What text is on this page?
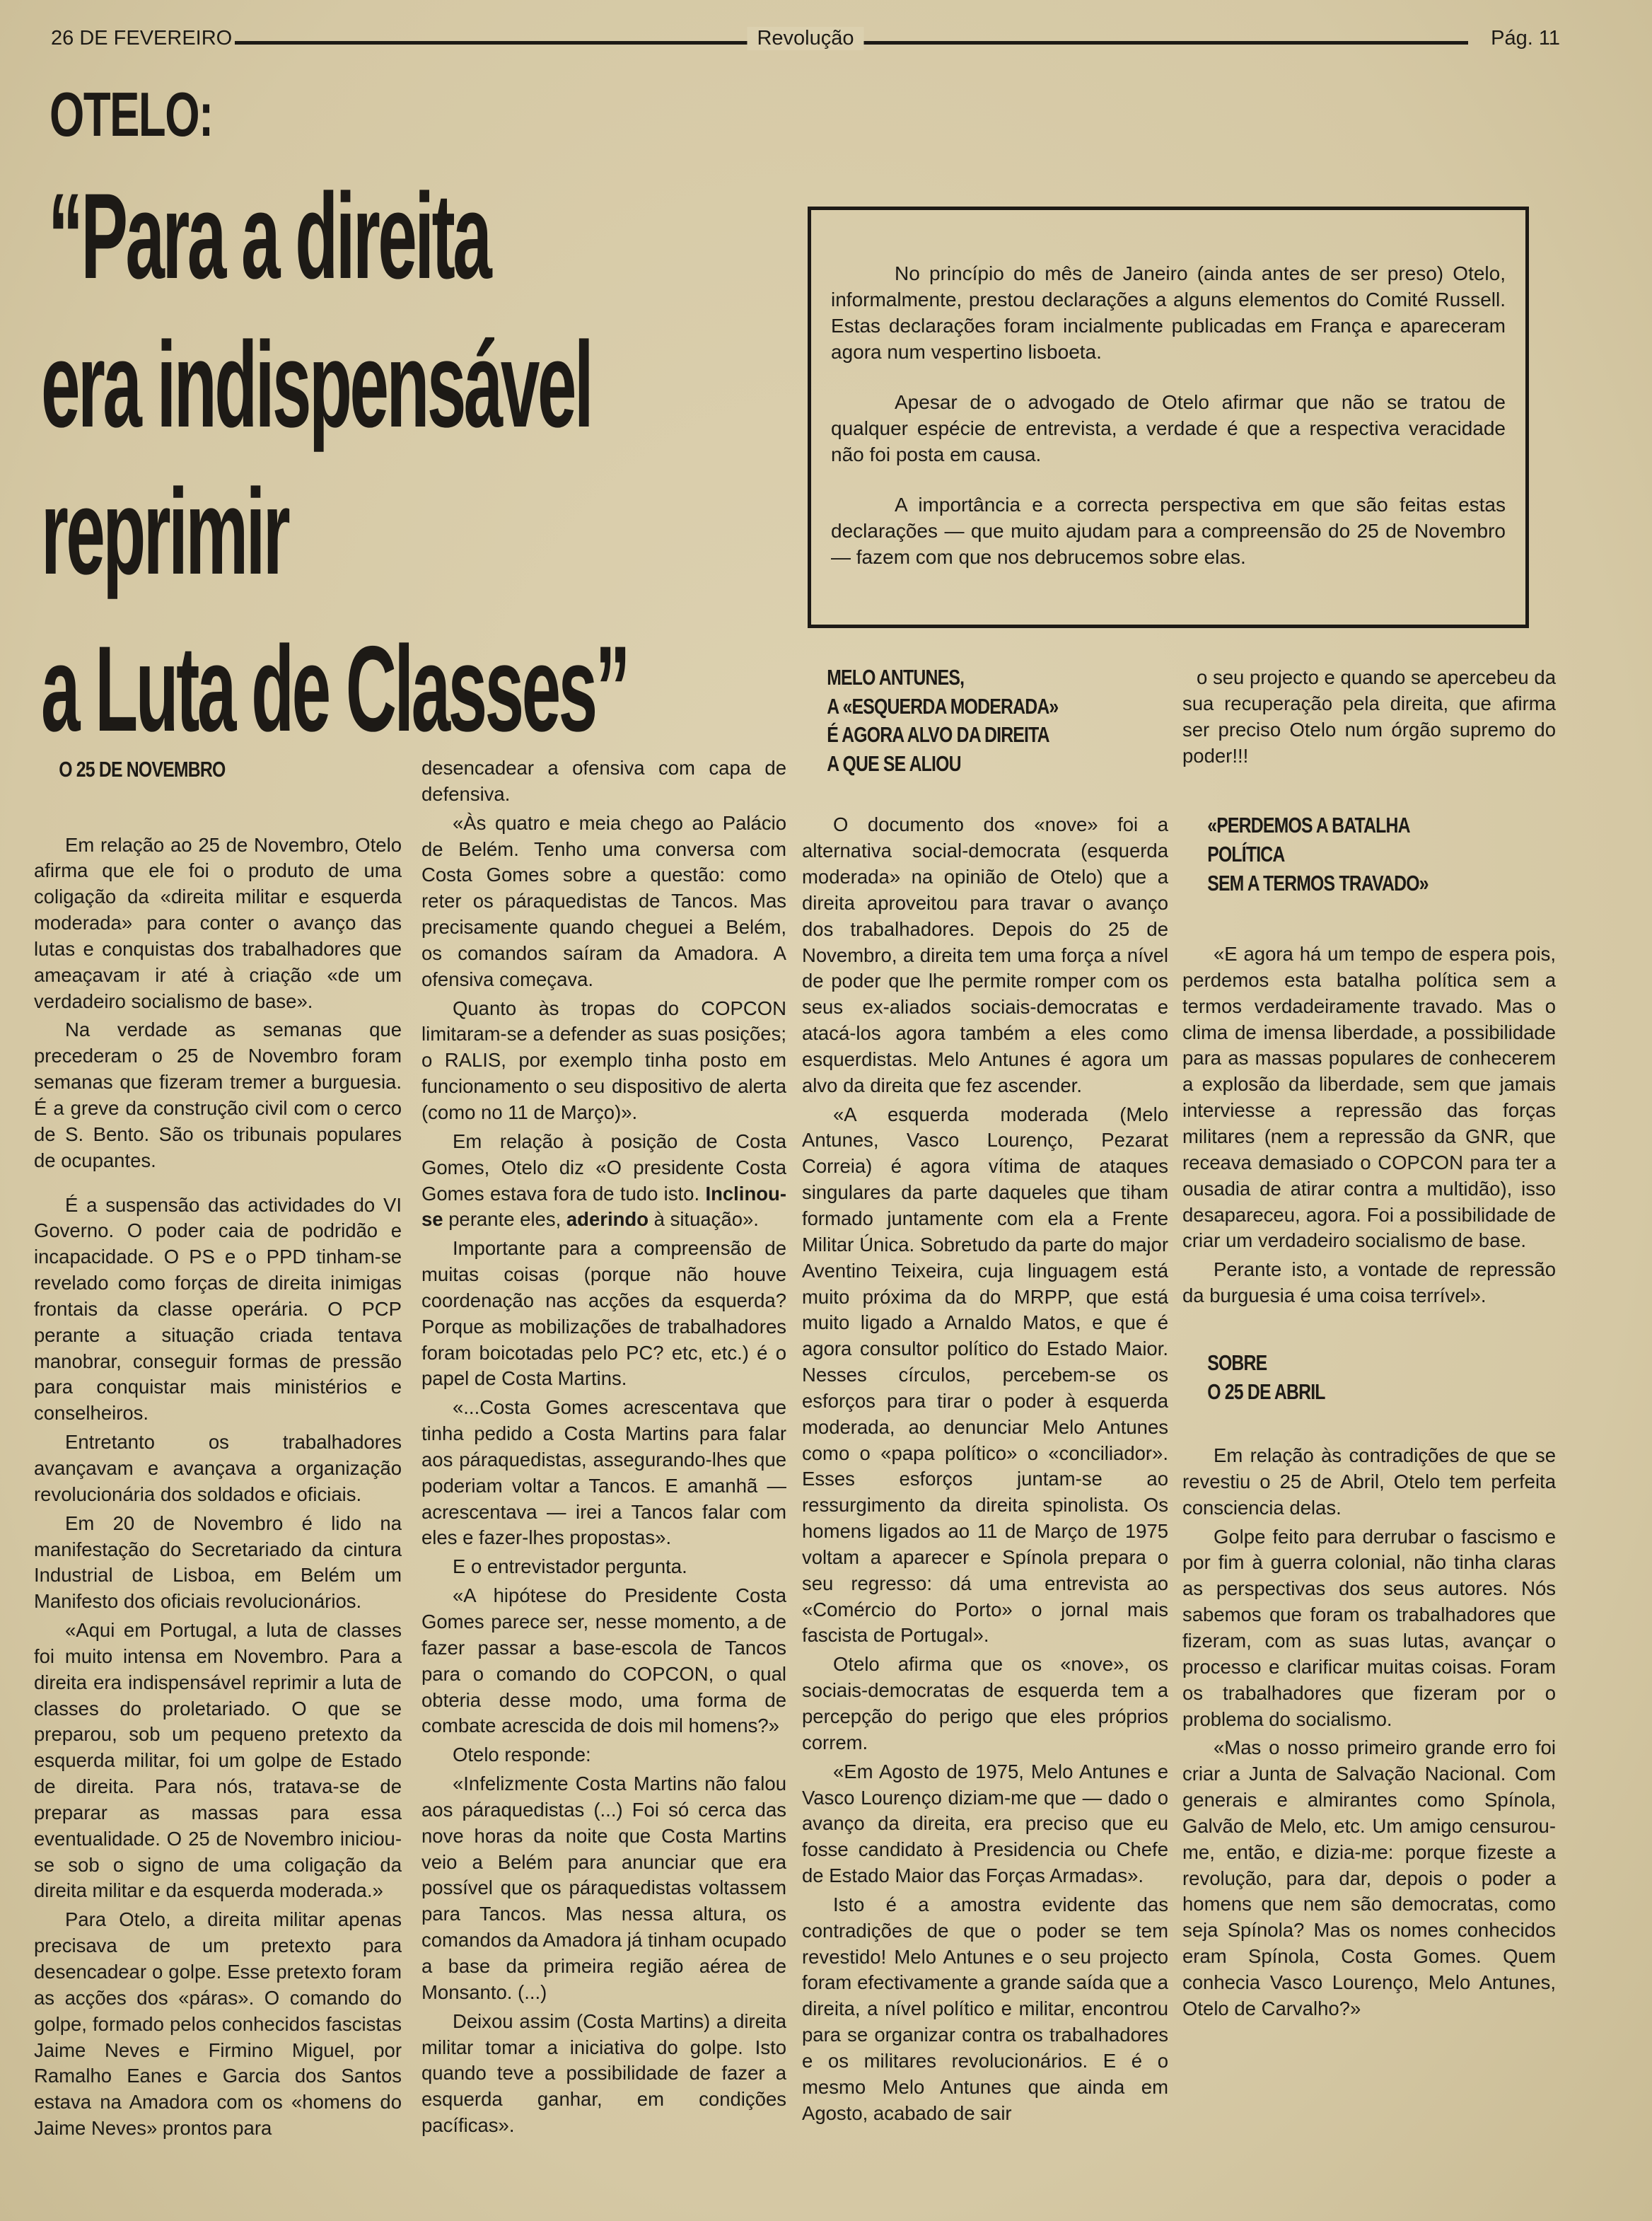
26 DE FEVEREIRO	Revolução	Pág. 11
OTELO:
“Para a direita
era indispensável
reprimir
a Luta de Classes”

No princípio do mês de Janeiro (ainda antes de ser preso) Otelo, informalmente, prestou declarações a alguns elementos do Comité Russell. Estas declarações foram incialmente publicadas em França e apareceram agora num vespertino lisboeta.

Apesar de o advogado de Otelo afirmar que não se tratou de qualquer espécie de entrevista, a verdade é que a respectiva veracidade não foi posta em causa.

A importância e a correcta perspectiva em que são feitas estas declarações — que muito ajudam para a compreensão do 25 de Novembro — fazem com que nos debrucemos sobre elas.

O 25 DE NOVEMBRO

Em relação ao 25 de Novembro, Otelo afirma que ele foi o produto de uma coligação da «direita militar e esquerda moderada» para conter o avanço das lutas e conquistas dos trabalhadores que ameaçavam ir até à criação «de um verdadeiro socialismo de base».

Na verdade as semanas que precederam o 25 de Novembro foram semanas que fizeram tremer a burguesia. É a greve da construção civil com o cerco de S. Bento. São os tribunais populares de ocupantes.

É a suspensão das actividades do VI Governo. O poder caia de podridão e incapacidade. O PS e o PPD tinham-se revelado como forças de direita inimigas frontais da classe operária. O PCP perante a situação criada tentava manobrar, conseguir formas de pressão para conquistar mais ministérios e conselheiros.

Entretanto os trabalhadores avançavam e avançava a organização revolucionária dos soldados e oficiais.

Em 20 de Novembro é lido na manifestação do Secretariado da cintura Industrial de Lisboa, em Belém um Manifesto dos oficiais revolucionários.

«Aqui em Portugal, a luta de classes foi muito intensa em Novembro. Para a direita era indispensável reprimir a luta de classes do proletariado. O que se preparou, sob um pequeno pretexto da esquerda militar, foi um golpe de Estado de direita. Para nós, tratava-se de preparar as massas para essa eventualidade. O 25 de Novembro iniciou-se sob o signo de uma coligação da direita militar e da esquerda moderada.»

Para Otelo, a direita militar apenas precisava de um pretexto para desencadear o golpe. Esse pretexto foram as acções dos «páras». O comando do golpe, formado pelos conhecidos fascistas Jaime Neves e Firmino Miguel, por Ramalho Eanes e Garcia dos Santos estava na Amadora com os «homens do Jaime Neves» prontos para

desencadear a ofensiva com capa de defensiva.

«Às quatro e meia chego ao Palácio de Belém. Tenho uma conversa com Costa Gomes sobre a questão: como reter os páraquedistas de Tancos. Mas precisamente quando cheguei a Belém, os comandos saíram da Amadora. A ofensiva começava.

Quanto às tropas do COPCON limitaram-se a defender as suas posições; o RALIS, por exemplo tinha posto em funcionamento o seu dispositivo de alerta (como no 11 de Março)».

Em relação à posição de Costa Gomes, Otelo diz «O presidente Costa Gomes estava fora de tudo isto. Inclinou-se perante eles, aderindo à situação».

Importante para a compreensão de muitas coisas (porque não houve coordenação nas acções da esquerda? Porque as mobilizações de trabalhadores foram boicotadas pelo PC? etc, etc.) é o papel de Costa Martins.

«...Costa Gomes acrescentava que tinha pedido a Costa Martins para falar aos páraquedistas, assegurando-lhes que poderiam voltar a Tancos. E amanhã — acrescentava — irei a Tancos falar com eles e fazer-lhes propostas».

E o entrevistador pergunta.

«A hipótese do Presidente Costa Gomes parece ser, nesse momento, a de fazer passar a base-escola de Tancos para o comando do COPCON, o qual obteria desse modo, uma forma de combate acrescida de dois mil homens?»

Otelo responde:

«Infelizmente Costa Martins não falou aos páraquedistas (...) Foi só cerca das nove horas da noite que Costa Martins veio a Belém para anunciar que era possível que os páraquedistas voltassem para Tancos. Mas nessa altura, os comandos da Amadora já tinham ocupado a base da primeira região aérea de Monsanto. (...)

Deixou assim (Costa Martins) a direita militar tomar a iniciativa do golpe. Isto quando teve a possibilidade de fazer a esquerda ganhar, em condições pacíficas».

MELO ANTUNES,

A «ESQUERDA MODERADA»

É AGORA ALVO DA DIREITA

A QUE SE ALIOU

O documento dos «nove» foi a alternativa social-democrata (esquerda moderada» na opinião de Otelo) que a direita aproveitou para travar o avanço dos trabalhadores. Depois do 25 de Novembro, a direita tem uma força a nível de poder que lhe permite romper com os seus ex-aliados sociais-democratas e atacá-los agora também a eles como esquerdistas. Melo Antunes é agora um alvo da direita que fez ascender.

«A esquerda moderada (Melo Antunes, Vasco Lourenço, Pezarat Correia) é agora vítima de ataques singulares da parte daqueles que tiham formado juntamente com ela a Frente Militar Única. Sobretudo da parte do major Aventino Teixeira, cuja linguagem está muito próxima da do MRPP, que está muito ligado a Arnaldo Matos, e que é agora consultor político do Estado Maior. Nesses círculos, percebem-se os esforços para tirar o poder à esquerda moderada, ao denunciar Melo Antunes como o «papa político» o «conciliador». Esses esforços juntam-se ao ressurgimento da direita spinolista. Os homens ligados ao 11 de Março de 1975 voltam a aparecer e Spínola prepara o seu regresso: dá uma entrevista ao «Comércio do Porto» o jornal mais fascista de Portugal».

Otelo afirma que os «nove», os sociais-democratas de esquerda tem a percepção do perigo que eles próprios correm.

«Em Agosto de 1975, Melo Antunes e Vasco Lourenço diziam-me que — dado o avanço da direita, era preciso que eu fosse candidato à Presidencia ou Chefe de Estado Maior das Forças Armadas».

Isto é a amostra evidente das contradições de que o poder se tem revestido! Melo Antunes e o seu projecto foram efectivamente a grande saída que a direita, a nível político e militar, encontrou para se organizar contra os trabalhadores e os militares revolucionários. E é o mesmo Melo Antunes que ainda em Agosto, acabado de sair

o seu projecto e quando se apercebeu da sua recuperação pela direita, que afirma ser preciso Otelo num órgão supremo do poder!!!

«PERDEMOS A BATALHA

POLÍTICA

SEM A TERMOS TRAVADO»

«E agora há um tempo de espera pois, perdemos esta batalha política sem a termos verdadeiramente travado. Mas o clima de imensa liberdade, a possibilidade para as massas populares de conhecerem a explosão da liberdade, sem que jamais interviesse a repressão das forças militares (nem a repressão da GNR, que receava demasiado o COPCON para ter a ousadia de atirar contra a multidão), isso desapareceu, agora. Foi a possibilidade de criar um verdadeiro socialismo de base.

Perante isto, a vontade de repressão da burguesia é uma coisa terrível».

SOBRE

O 25 DE ABRIL

Em relação às contradições de que se revestiu o 25 de Abril, Otelo tem perfeita consciencia delas.

Golpe feito para derrubar o fascismo e por fim à guerra colonial, não tinha claras as perspectivas dos seus autores. Nós sabemos que foram os trabalhadores que fizeram, com as suas lutas, avançar o processo e clarificar muitas coisas. Foram os trabalhadores que fizeram por o problema do socialismo.

«Mas o nosso primeiro grande erro foi criar a Junta de Salvação Nacional. Com generais e almirantes como Spínola, Galvão de Melo, etc. Um amigo censurou-me, então, e dizia-me: porque fizeste a revolução, para dar, depois o poder a homens que nem são democratas, como seja Spínola? Mas os nomes conhecidos eram Spínola, Costa Gomes. Quem conhecia Vasco Lourenço, Melo Antunes, Otelo de Carvalho?»
